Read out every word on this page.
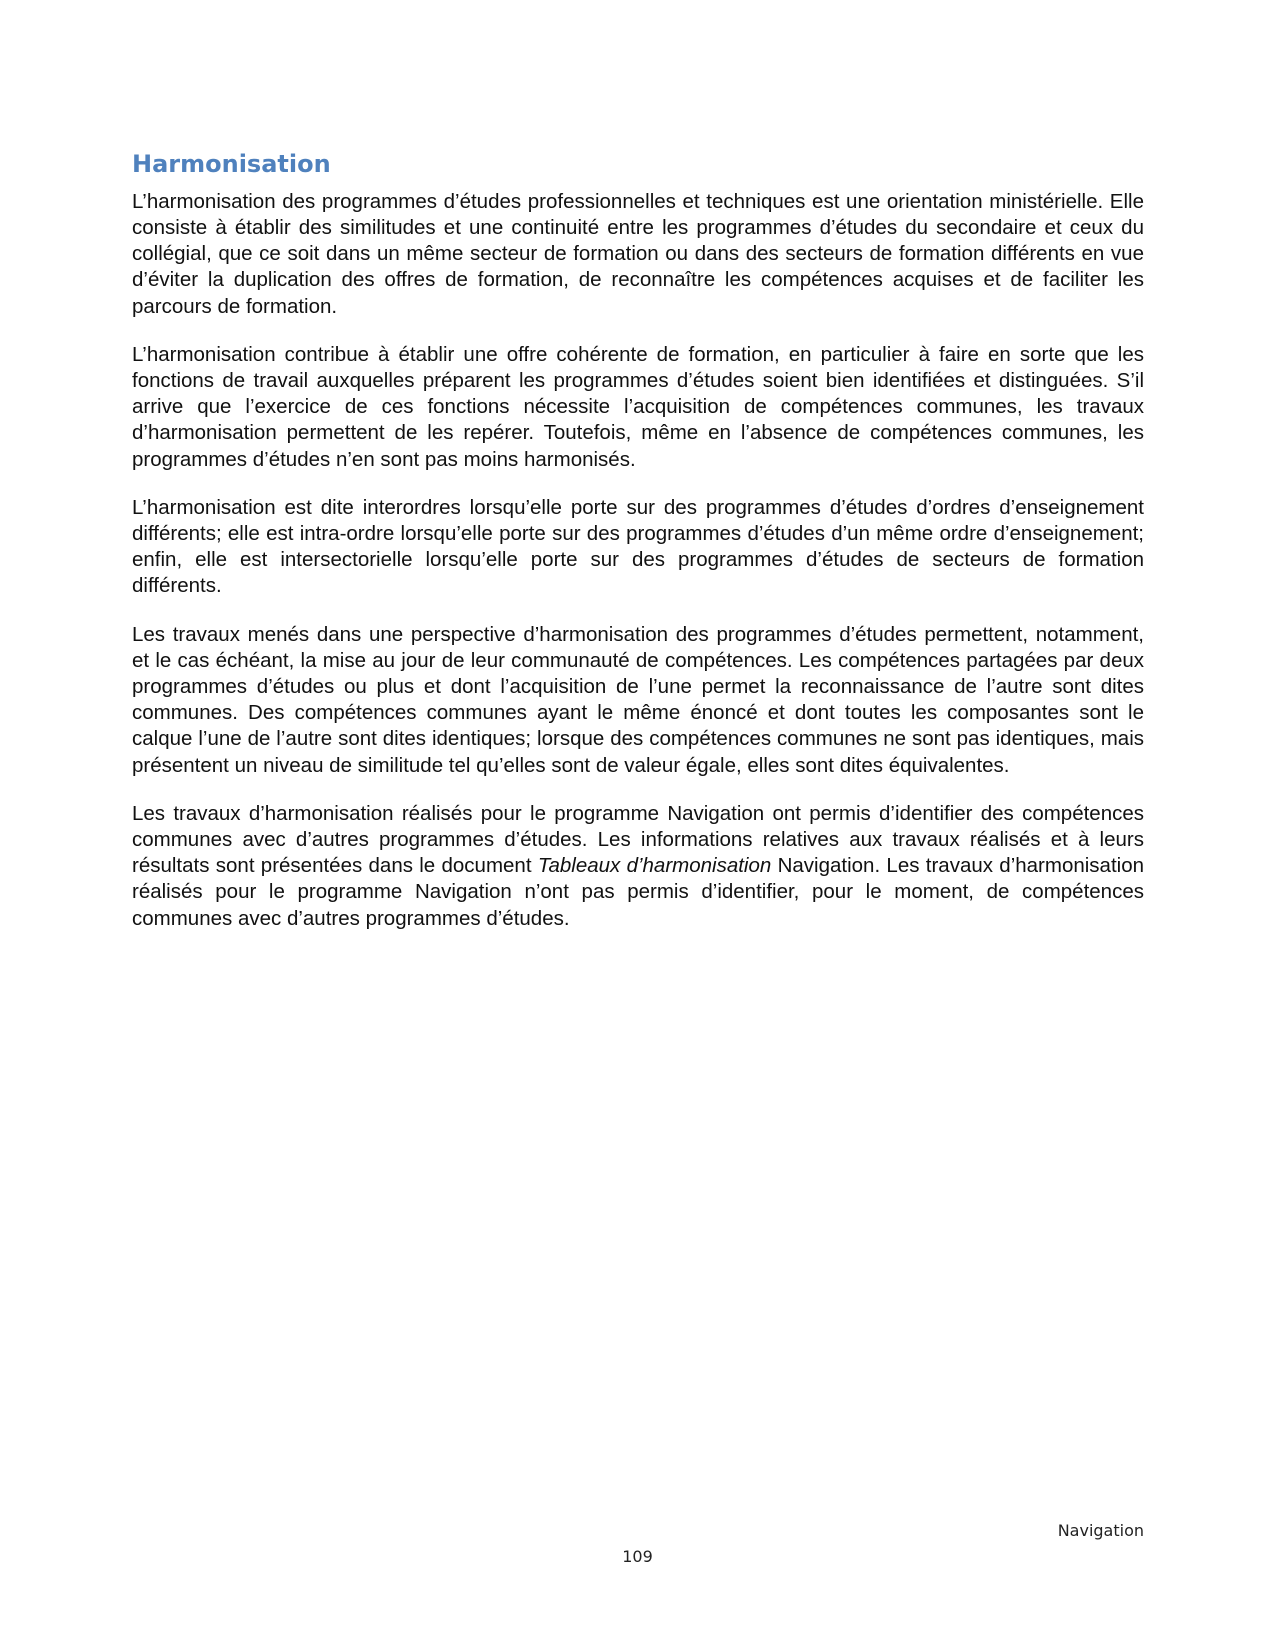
Harmonisation

L’harmonisation des programmes d’études professionnelles et techniques est une orientation ministérielle. Elle consiste à établir des similitudes et une continuité entre les programmes d’études du secondaire et ceux du collégial, que ce soit dans un même secteur de formation ou dans des secteurs de formation différents en vue d’éviter la duplication des offres de formation, de reconnaître les compétences acquises et de faciliter les parcours de formation.

L’harmonisation contribue à établir une offre cohérente de formation, en particulier à faire en sorte que les fonctions de travail auxquelles préparent les programmes d’études soient bien identifiées et distinguées. S’il arrive que l’exercice de ces fonctions nécessite l’acquisition de compétences communes, les travaux d’harmonisation permettent de les repérer. Toutefois, même en l’absence de compétences communes, les programmes d’études n’en sont pas moins harmonisés.

L’harmonisation est dite interordres lorsqu’elle porte sur des programmes d’études d’ordres d’enseignement différents; elle est intra-ordre lorsqu’elle porte sur des programmes d’études d’un même ordre d’enseignement; enfin, elle est intersectorielle lorsqu’elle porte sur des programmes d’études de secteurs de formation différents.

Les travaux menés dans une perspective d’harmonisation des programmes d’études permettent, notamment, et le cas échéant, la mise au jour de leur communauté de compétences. Les compétences partagées par deux programmes d’études ou plus et dont l’acquisition de l’une permet la reconnaissance de l’autre sont dites communes. Des compétences communes ayant le même énoncé et dont toutes les composantes sont le calque l’une de l’autre sont dites identiques; lorsque des compétences communes ne sont pas identiques, mais présentent un niveau de similitude tel qu’elles sont de valeur égale, elles sont dites équivalentes.

Les travaux d’harmonisation réalisés pour le programme Navigation ont permis d’identifier des compétences communes avec d’autres programmes d’études. Les informations relatives aux travaux réalisés et à leurs résultats sont présentées dans le document Tableaux d’harmonisation Navigation. Les travaux d’harmonisation réalisés pour le programme Navigation n’ont pas permis d’identifier, pour le moment, de compétences communes avec d’autres programmes d’études.

Navigation
109
